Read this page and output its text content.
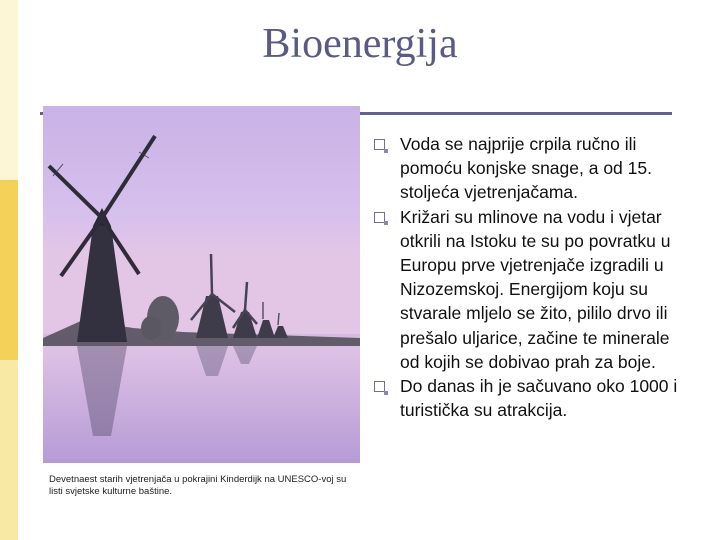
Bioenergija
Devetnaest starih vjetrenjača u pokrajini Kinderdijk na UNESCO-voj su listi svjetske kulturne baštine.
Voda se najprije crpila ručno ili pomoću konjske snage, a od 15. stoljeća vjetrenjačama.
Križari su mlinove na vodu i vjetar otkrili na Istoku te su po povratku u Europu prve vjetrenjače izgradili u Nizozemskoj. Energijom koju su stvarale mljelo se žito, pililo drvo ili prešalo uljarice, začine te minerale od kojih se dobivao prah za boje.
Do danas ih je sačuvano oko 1000 i turistička su atrakcija.
